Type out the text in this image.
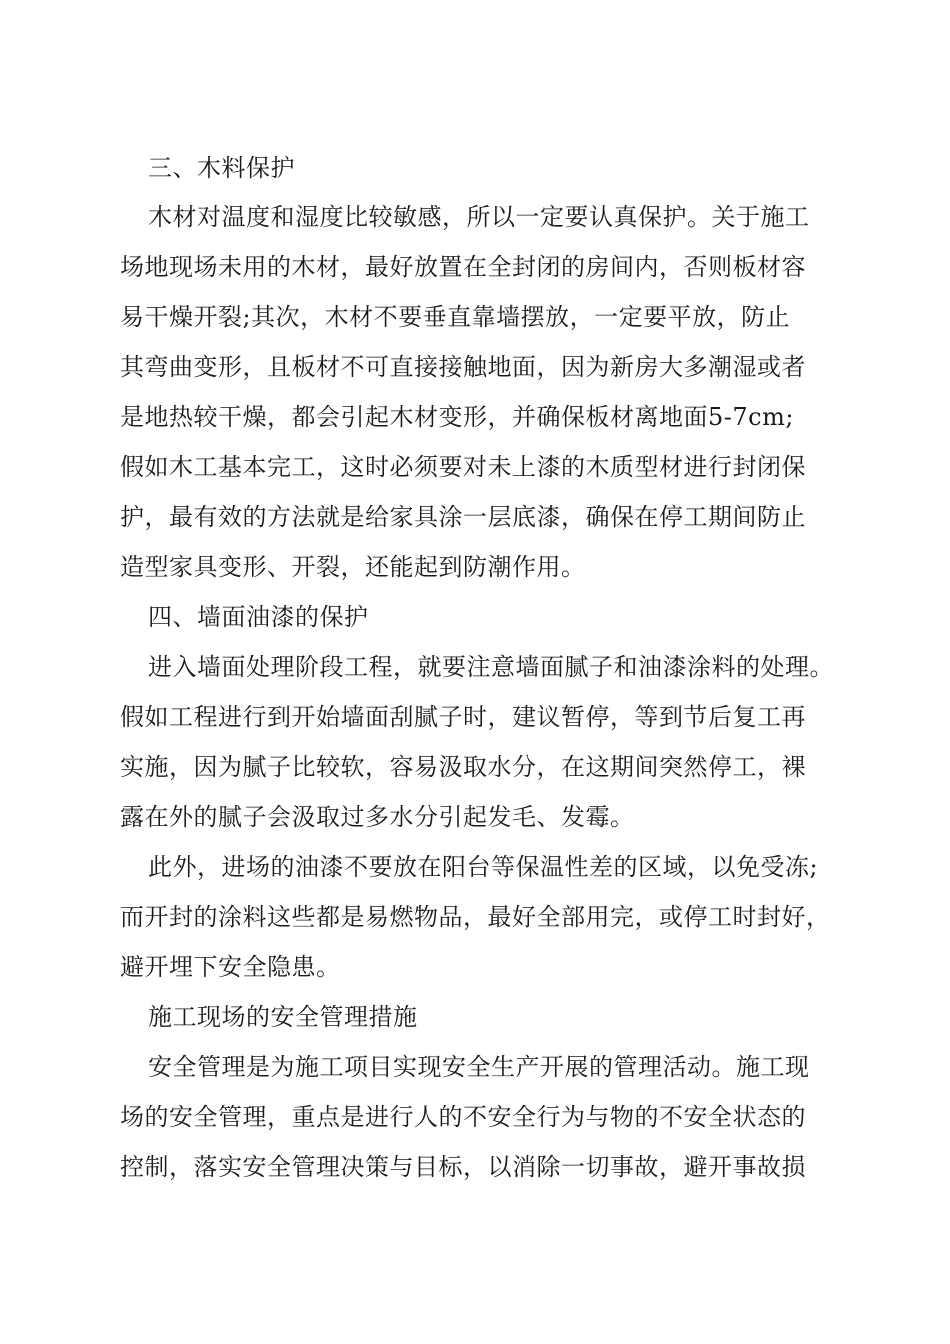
三、木料保护
木材对温度和湿度比较敏感，所以一定要认真保护。关于施工
场地现场未用的木材，最好放置在全封闭的房间内，否则板材容
易干燥开裂;其次，木材不要垂直靠墙摆放，一定要平放，防止
其弯曲变形，且板材不可直接接触地面，因为新房大多潮湿或者
是地热较干燥，都会引起木材变形，并确保板材离地面5-7cm;
假如木工基本完工，这时必须要对未上漆的木质型材进行封闭保
护，最有效的方法就是给家具涂一层底漆，确保在停工期间防止
造型家具变形、开裂，还能起到防潮作用。
四、墙面油漆的保护
进入墙面处理阶段工程，就要注意墙面腻子和油漆涂料的处理。
假如工程进行到开始墙面刮腻子时，建议暂停，等到节后复工再
实施，因为腻子比较软，容易汲取水分，在这期间突然停工，裸
露在外的腻子会汲取过多水分引起发毛、发霉。
此外，进场的油漆不要放在阳台等保温性差的区域，以免受冻;
而开封的涂料这些都是易燃物品，最好全部用完，或停工时封好，
避开埋下安全隐患。
施工现场的安全管理措施
安全管理是为施工项目实现安全生产开展的管理活动。施工现
场的安全管理，重点是进行人的不安全行为与物的不安全状态的
控制，落实安全管理决策与目标，以消除一切事故，避开事故损
